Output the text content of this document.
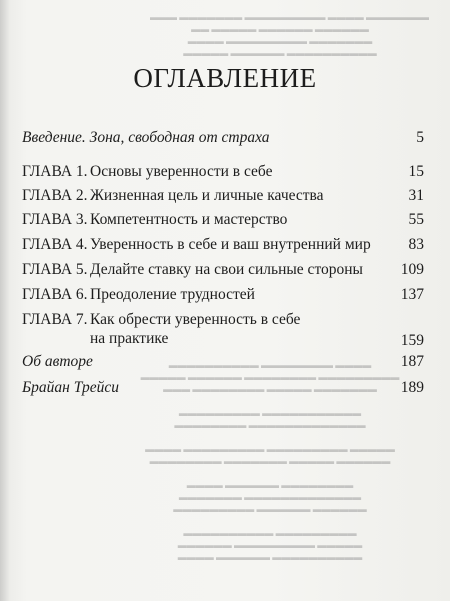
▬▬▬ ▬▬▬▬▬▬▬ ▬▬▬▬▬▬▬▬▬ ▬▬▬▬ ▬▬▬▬▬▬▬
▬▬ ▬▬▬▬▬ ▬▬▬▬▬▬ ▬▬▬▬▬▬
▬▬▬▬ ▬▬▬▬▬▬▬▬▬ ▬▬▬▬▬▬▬
▬▬▬▬▬ ▬▬▬▬▬▬ ▬▬▬▬▬▬▬▬▬▬
▬▬▬▬▬▬▬▬▬▬ ▬▬▬▬▬▬▬▬ ▬▬▬▬
▬▬▬▬▬ ▬▬▬▬▬▬ ▬▬▬▬▬▬▬▬ ▬▬▬▬▬▬▬▬▬
▬▬▬ ▬▬▬▬▬▬▬▬ ▬▬▬▬▬ ▬▬▬▬▬▬▬

▬▬▬▬▬▬▬▬▬ ▬▬▬▬▬▬▬▬▬▬▬
▬▬▬▬▬▬▬▬ ▬▬▬▬▬▬▬▬▬▬▬▬▬

▬▬▬▬ ▬▬▬▬▬▬▬▬▬ ▬▬▬▬▬▬▬▬▬ ▬▬▬▬▬
▬▬▬▬▬▬▬▬ ▬▬▬▬▬▬▬ ▬▬▬▬▬ ▬▬▬▬▬▬

▬▬▬▬ ▬▬▬▬▬▬ ▬▬▬▬▬▬▬▬
▬▬▬▬▬▬▬ ▬▬▬▬▬▬▬▬▬▬▬▬▬
▬▬▬▬▬▬▬▬▬ ▬▬▬▬▬▬ ▬▬▬▬▬▬

▬▬▬▬▬▬▬▬▬▬ ▬▬▬▬▬▬▬▬▬
▬▬▬▬▬▬ ▬▬▬▬▬▬▬▬▬ ▬▬▬▬▬
▬▬▬▬ ▬▬▬▬▬▬ ▬▬▬▬▬▬▬▬▬▬
ОГЛАВЛЕНИЕ
Введение. Зона, свободная от страха	5
ГЛАВА 1. Основы уверенности в себе	15
ГЛАВА 2. Жизненная цель и личные качества	31
ГЛАВА 3. Компетентность и мастерство	55
ГЛАВА 4. Уверенность в себе и ваш внутренний мир 83
ГЛАВА 5. Делайте ставку на свои сильные стороны 109
ГЛАВА 6. Преодоление трудностей	137
ГЛАВА 7. Как обрести уверенность в себе
на практике	159
Об авторе	187
Брайан Трейси	189
